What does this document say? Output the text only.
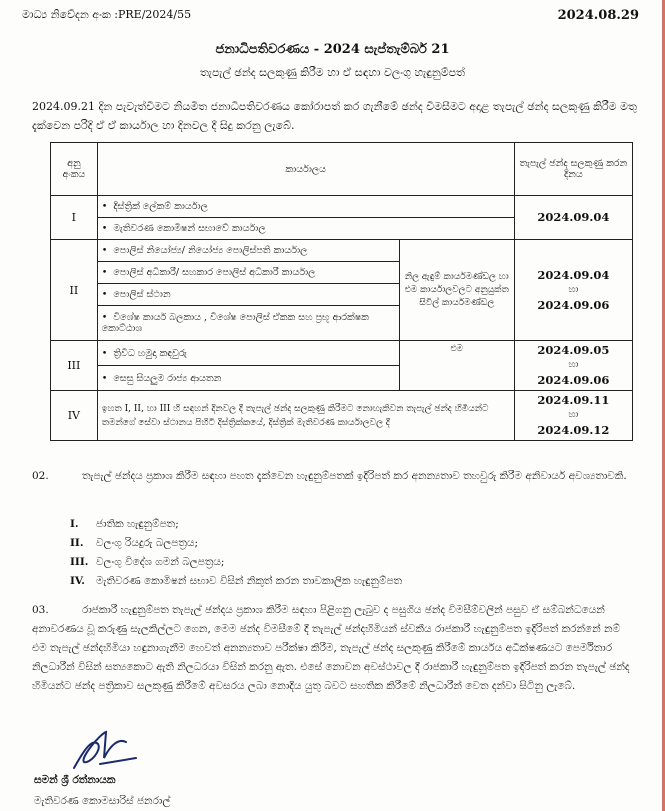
මාධ්‍ය නිවේදන අංක :PRE/2024/55	2024.08.29
ජනාධිපතිවරණය - 2024 සැප්තැම්බර් 21
තැපැල් ඡන්ද සලකුණු කිරීම හා ඒ සඳහා වලංගු හැඳුනුම්පත්
2024.09.21 දින පැවැත්වීමට නියමිත ජනාධිපතිවරණය කෝරාපත් කර ගැනීමේ ඡන්ද විමසීමට අදාළ තැපැල් ඡන්ද සලකුණු කිරීම මතු දැක්වෙන පරිදි ඒ ඒ කාර්යාල හා දිනවල දී සිදු කරනු ලැබේ.
අනු අංකය	කාර්යාලය		තැපැල් ඡන්ද සලකුණු කරන දිනය
I	• දිස්ත්‍රික් ලේකම් කාර්යාල		2024.09.04
	• මැතිවරණ කොමිෂන් සභාවේ කාර්යාල		
II	• පොලිස් නියෝජ්‍ය/ නියෝජ්‍ය පොලිස්පති කාර්යාල	නිල ඇඳුම් කාර්යමණ්ඩල හා එම කාර්යාලවලට අනුයුක්ත සිවිල් කාර්යමණ්ඩල	2024.09.04
හා
2024.09.06
	• පොලිස් අධිකාරී/ සහකාර පොලිස් අධිකාරී කාර්යාල		
	• පොලිස් ස්ථාන		
	• විශේෂ කාර්ය බලකාය , විශේෂ පොලිස් ඒකක සහ ප්‍රභූ ආරක්ෂක කොට්ඨාශ		
III	• ත්‍රිවිධ හමුදා කඳවුරු	එම	2024.09.05
හා
2024.09.06
	• සෙසු සියලුම රාජ්‍ය ආයතන		
IV	ඉහත I, II, හා III හි සඳහන් දිනවල දී තැපැල් ඡන්ද සලකුණු කිරීමට නොහැකිවන තැපැල් ඡන්ද හිමියන්ට තමන්ගේ සේවා ස්ථානය පිහිටි දිස්ත්‍රික්කයේ, දිස්ත්‍රික් මැතිවරණ කාර්යාලවල දී		2024.09.11
හා
2024.09.12
02.	තැපැල් ඡන්දය ප්‍රකාශ කිරීම සඳහා පහත දැක්වෙන හැඳුනුම්පතක් ඉදිරිපත් කර අනන්‍යතාව තහවුරු කිරීම අනිවාර්ය අවශ්‍යතාවකි.
I. ජාතික හැඳුනුම්පත;
II. වලංගු රියදුරු බලපත්‍රය;
III. වලංගු විදේශ ගමන් බලපත්‍රය;
IV. මැතිවරණ කොමිෂන් සභාව විසින් නිකුත් කරන තාවකාලික හැඳුනුම්පත
03.	රාජකාරී හැඳුනුම්පත තැපැල් ඡන්දය ප්‍රකාශ කිරීම සඳහා පිළිගනු ලැබුව ද පසුගිය ඡන්ද විමසීම්වලින් පසුව ඒ සම්බන්ධයෙන් අනාවරණය වූ කරුණු සැලකිල්ලට ගෙන, මෙම ඡන්ද විමසීමේ දී තැපැල් ඡන්දහිමියන් ස්වකීය රාජකාරී හැඳුනුම්පත ඉදිරිපත් කරන්නේ නම් එම තැපැල් ඡන්දහිමියා හඳුනාගැනීම හෙවත් අනන්‍යතාව පරීක්ෂා කිරීම, තැපැල් ඡන්ද සලකුණු කිරීමේ කාර්යය අධීක්ෂණයට පෙර්මිතාර නිලධාරීන් විසින් සත්‍යකොට ඇති නිලධරයා විසින් කරනු ඇත. එසේ නොවන අවස්ථාවල දී රාජකාරී හැඳුනුම්පත ඉදිරිපත් කරන තැපැල් ඡන්ද හිමියන්ට ඡන්ද පත්‍රිකාව සලකුණු කිරීමේ අවසරය ලබා නොදිය යුතු බවට සහතික කිරීමේ නිලධාරීන් වෙත දන්වා සිටිනු ලැබේ.
සමන් ශ්‍රී රත්නායක
මැතිවරණ කොමසාරිස් ජනරාල්
